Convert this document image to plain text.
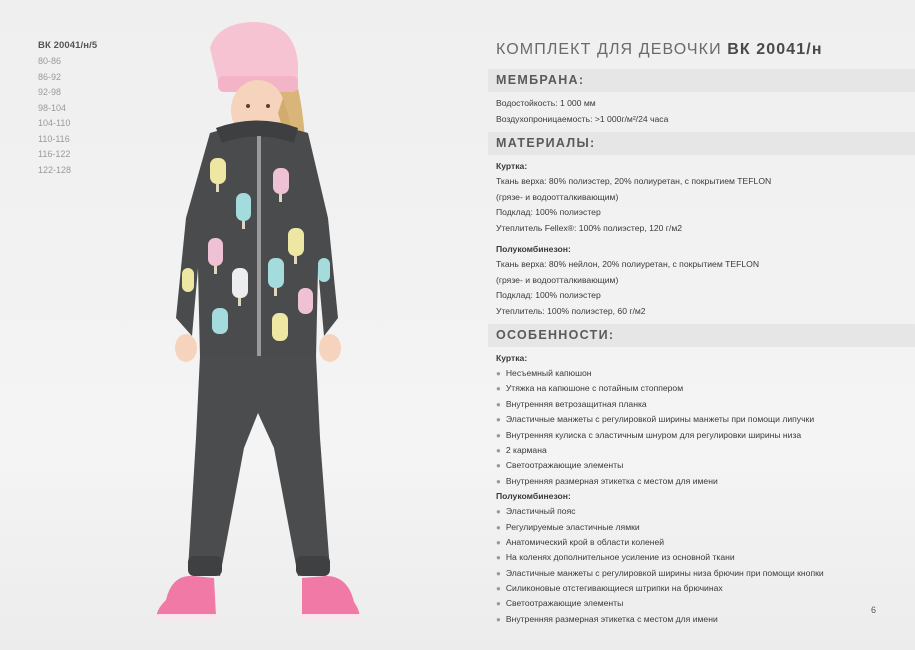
ВК 20041/н/5
80-86
86-92
92-98
98-104
104-110
110-116
116-122
122-128
КОМПЛЕКТ ДЛЯ ДЕВОЧКИ ВК 20041/н
МЕМБРАНА:
Водостойкость: 1 000 мм
Воздухопроницаемость: >1 000г/м²/24 часа
МАТЕРИАЛЫ:
Куртка:
Ткань верха: 80% полиэстер, 20% полиуретан, с покрытием TEFLON
(грязе- и водоотталкивающим)
Подклад: 100% полиэстер
Утеплитель Fellex®: 100% полиэстер, 120 г/м2
Полукомбинезон:
Ткань верха: 80% нейлон, 20% полиуретан, с покрытием TEFLON
(грязе- и водоотталкивающим)
Подклад: 100% полиэстер
Утеплитель: 100% полиэстер, 60 г/м2
ОСОБЕННОСТИ:
Куртка:
● Несъемный капюшон
● Утяжка на капюшоне с потайным стоппером
● Внутренняя ветрозащитная планка
● Эластичные манжеты с регулировкой ширины манжеты при помощи липучки
● Внутренняя кулиска с эластичным шнуром для регулировки ширины низа
● 2 кармана
● Светоотражающие элементы
● Внутренняя размерная этикетка с местом для имени
Полукомбинезон:
● Эластичный пояс
● Регулируемые эластичные лямки
● Анатомический крой в области коленей
● На коленях дополнительное усиление из основной ткани
● Эластичные манжеты с регулировкой ширины низа брючин при помощи кнопки
● Силиконовые отстегивающиеся штрипки на брючинах
● Светоотражающие элементы
● Внутренняя размерная этикетка с местом для имени
6
